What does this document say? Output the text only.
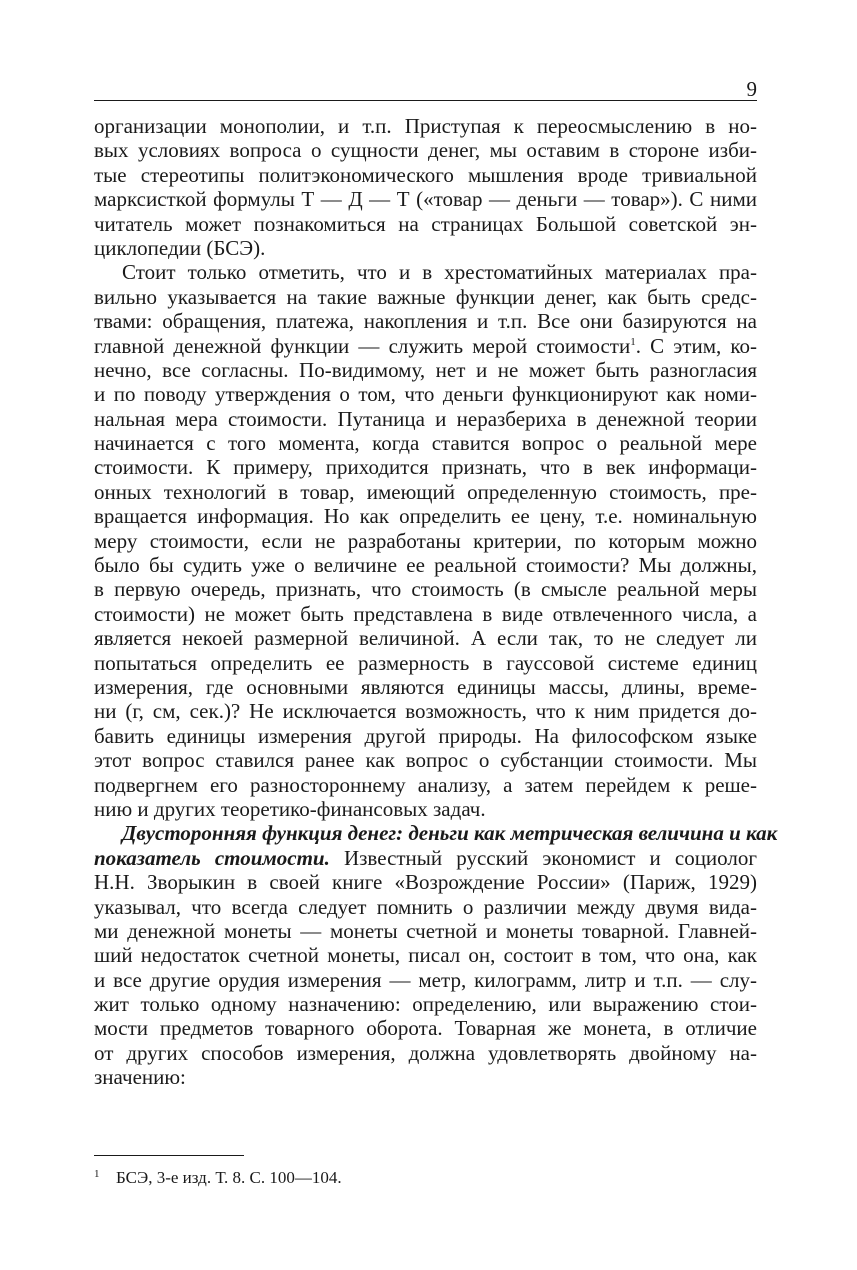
9
организации монополии, и т.п. Приступая к переосмыслению в но-
вых условиях вопроса о сущности денег, мы оставим в стороне изби-
тые стереотипы политэкономического мышления вроде тривиальной
марксисткой формулы Т — Д — Т («товар — деньги — товар»). С ними
читатель может познакомиться на страницах Большой советской эн-
циклопедии (БСЭ).
Стоит только отметить, что и в хрестоматийных материалах пра-
вильно указывается на такие важные функции денег, как быть средс-
твами: обращения, платежа, накопления и т.п. Все они базируются на
главной денежной функции — служить мерой стоимости$^1$. С этим, ко-
нечно, все согласны. По-видимому, нет и не может быть разногласия
и по поводу утверждения о том, что деньги функционируют как номи-
нальная мера стоимости. Путаница и неразбериха в денежной теории
начинается с того момента, когда ставится вопрос о реальной мере
стоимости. К примеру, приходится признать, что в век информаци-
онных технологий в товар, имеющий определенную стоимость, пре-
вращается информация. Но как определить ее цену, т.е. номинальную
меру стоимости, если не разработаны критерии, по которым можно
было бы судить уже о величине ее реальной стоимости? Мы должны,
в первую очередь, признать, что стоимость (в смысле реальной меры
стоимости) не может быть представлена в виде отвлеченного числа, а
является некоей размерной величиной. А если так, то не следует ли
попытаться определить ее размерность в гауссовой системе единиц
измерения, где основными являются единицы массы, длины, време-
ни (г, см, сек.)? Не исключается возможность, что к ним придется до-
бавить единицы измерения другой природы. На философском языке
этот вопрос ставился ранее как вопрос о субстанции стоимости. Мы
подвергнем его разностороннему анализу, а затем перейдем к реше-
нию и других теоретико-финансовых задач.
Двусторонняя функция денег: деньги как метрическая величина и как
показатель стоимости. Известный русский экономист и социолог
Н.Н. Зворыкин в своей книге «Возрождение России» (Париж, 1929)
указывал, что всегда следует помнить о различии между двумя вида-
ми денежной монеты — монеты счетной и монеты товарной. Главней-
ший недостаток счетной монеты, писал он, состоит в том, что она, как
и все другие орудия измерения — метр, килограмм, литр и т.п. — слу-
жит только одному назначению: определению, или выражению стои-
мости предметов товарного оборота. Товарная же монета, в отличие
от других способов измерения, должна удовлетворять двойному на-
значению:
1 БСЭ, 3-е изд. Т. 8. С. 100—104.
